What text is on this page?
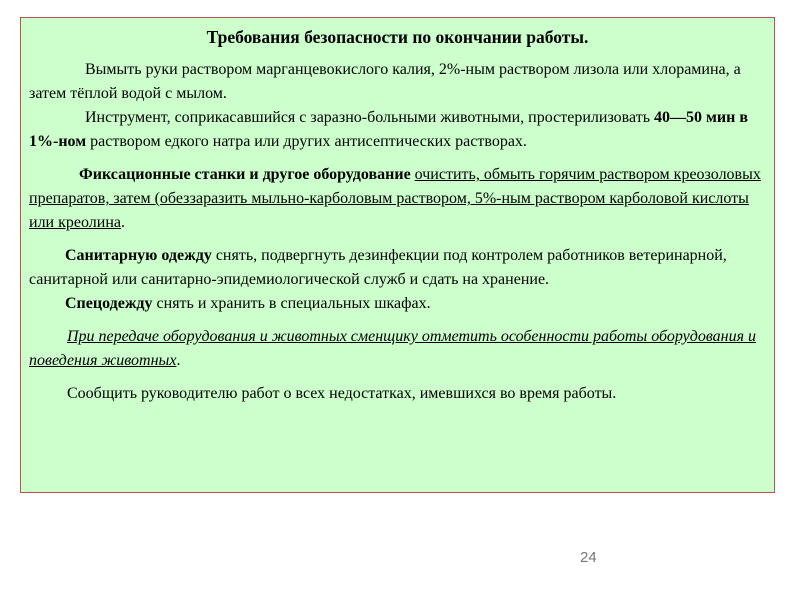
Требования безопасности по окончании работы.

Вымыть руки раствором марганцевокислого калия, 2%-ным раствором лизола или хлорамина, а затем тёплой водой с мылом.

Инструмент, соприкасавшийся с заразно-больными животными, простерилизовать 40—50 мин в 1%-ном раствором едкого натра или других антисептических растворах.

Фиксационные станки и другое оборудование очистить, обмыть горячим раствором креозоловых препаратов, затем (обеззаразить мыльно-карболовым раствором, 5%-ным раствором карболовой кислоты или креолина.

Санитарную одежду снять, подвергнуть дезинфекции под контролем работников ветеринарной, санитарной или санитарно-эпидемиологической служб и сдать на хранение.

Спецодежду снять и хранить в специальных шкафах.

При передаче оборудования и животных сменщику отметить особенности работы оборудования и поведения животных.

Сообщить руководителю работ о всех недостатках, имевшихся во время работы.

24
